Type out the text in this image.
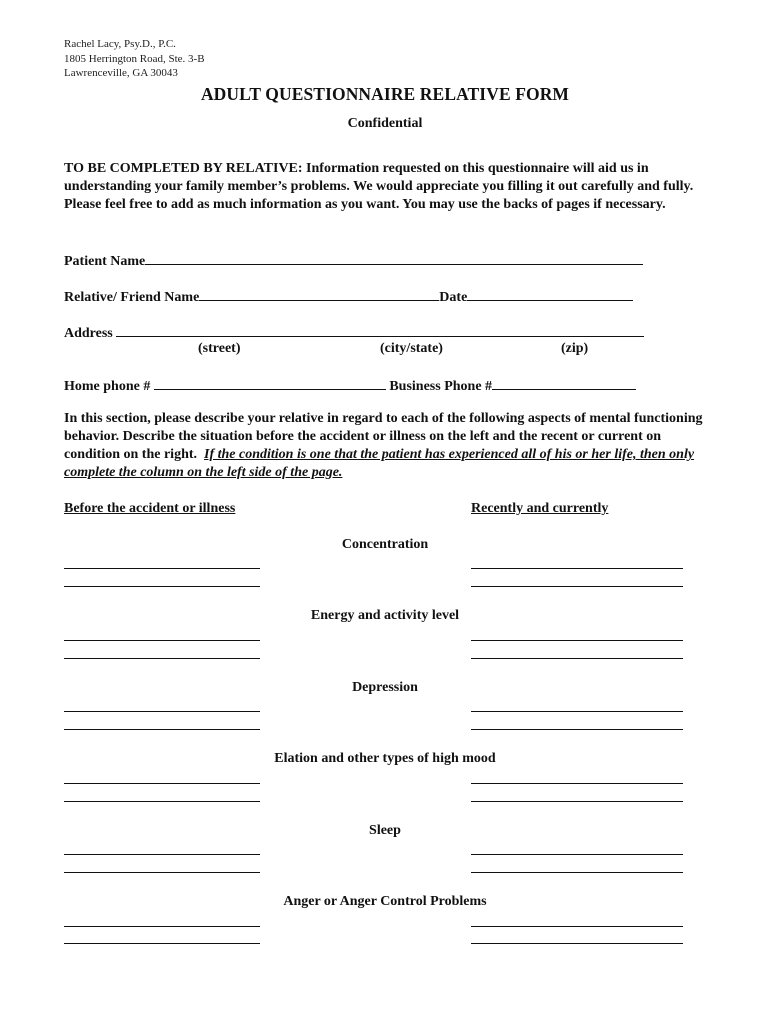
Rachel Lacy, Psy.D., P.C.
1805 Herrington Road, Ste. 3-B
Lawrenceville, GA 30043
ADULT QUESTIONNAIRE RELATIVE FORM
Confidential
TO BE COMPLETED BY RELATIVE: Information requested on this questionnaire will aid us in understanding your family member’s problems. We would appreciate you filling it out carefully and fully. Please feel free to add as much information as you want. You may use the backs of pages if necessary.
Patient Name
Relative/ Friend Name	Date
Address
(street)	(city/state)	(zip)
Home phone #	Business Phone #
In this section, please describe your relative in regard to each of the following aspects of mental functioning behavior. Describe the situation before the accident or illness on the left and the recent or current on condition on the right. If the condition is one that the patient has experienced all of his or her life, then only complete the column on the left side of the page.
Before the accident or illness	Recently and currently
Concentration
Energy and activity level
Depression
Elation and other types of high mood
Sleep
Anger or Anger Control Problems
